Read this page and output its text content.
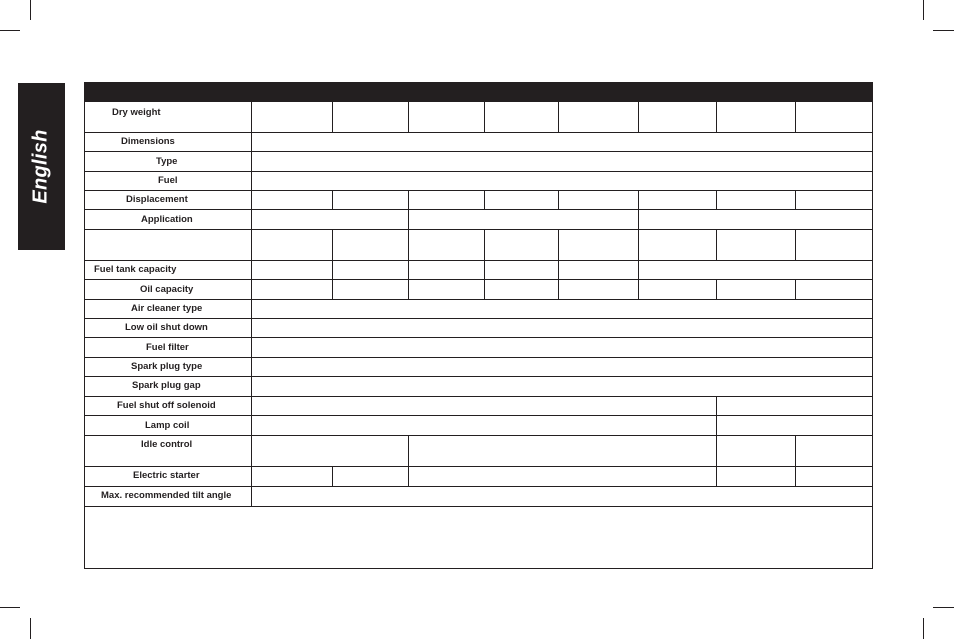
English
Dry weight
Dimensions
Type
Fuel
Displacement
Application
Fuel tank capacity
Oil capacity
Air cleaner type
Low oil shut down
Fuel filter
Spark plug type
Spark plug gap
Fuel shut off solenoid
Lamp coil
Idle control
Electric starter
Max. recommended tilt angle
